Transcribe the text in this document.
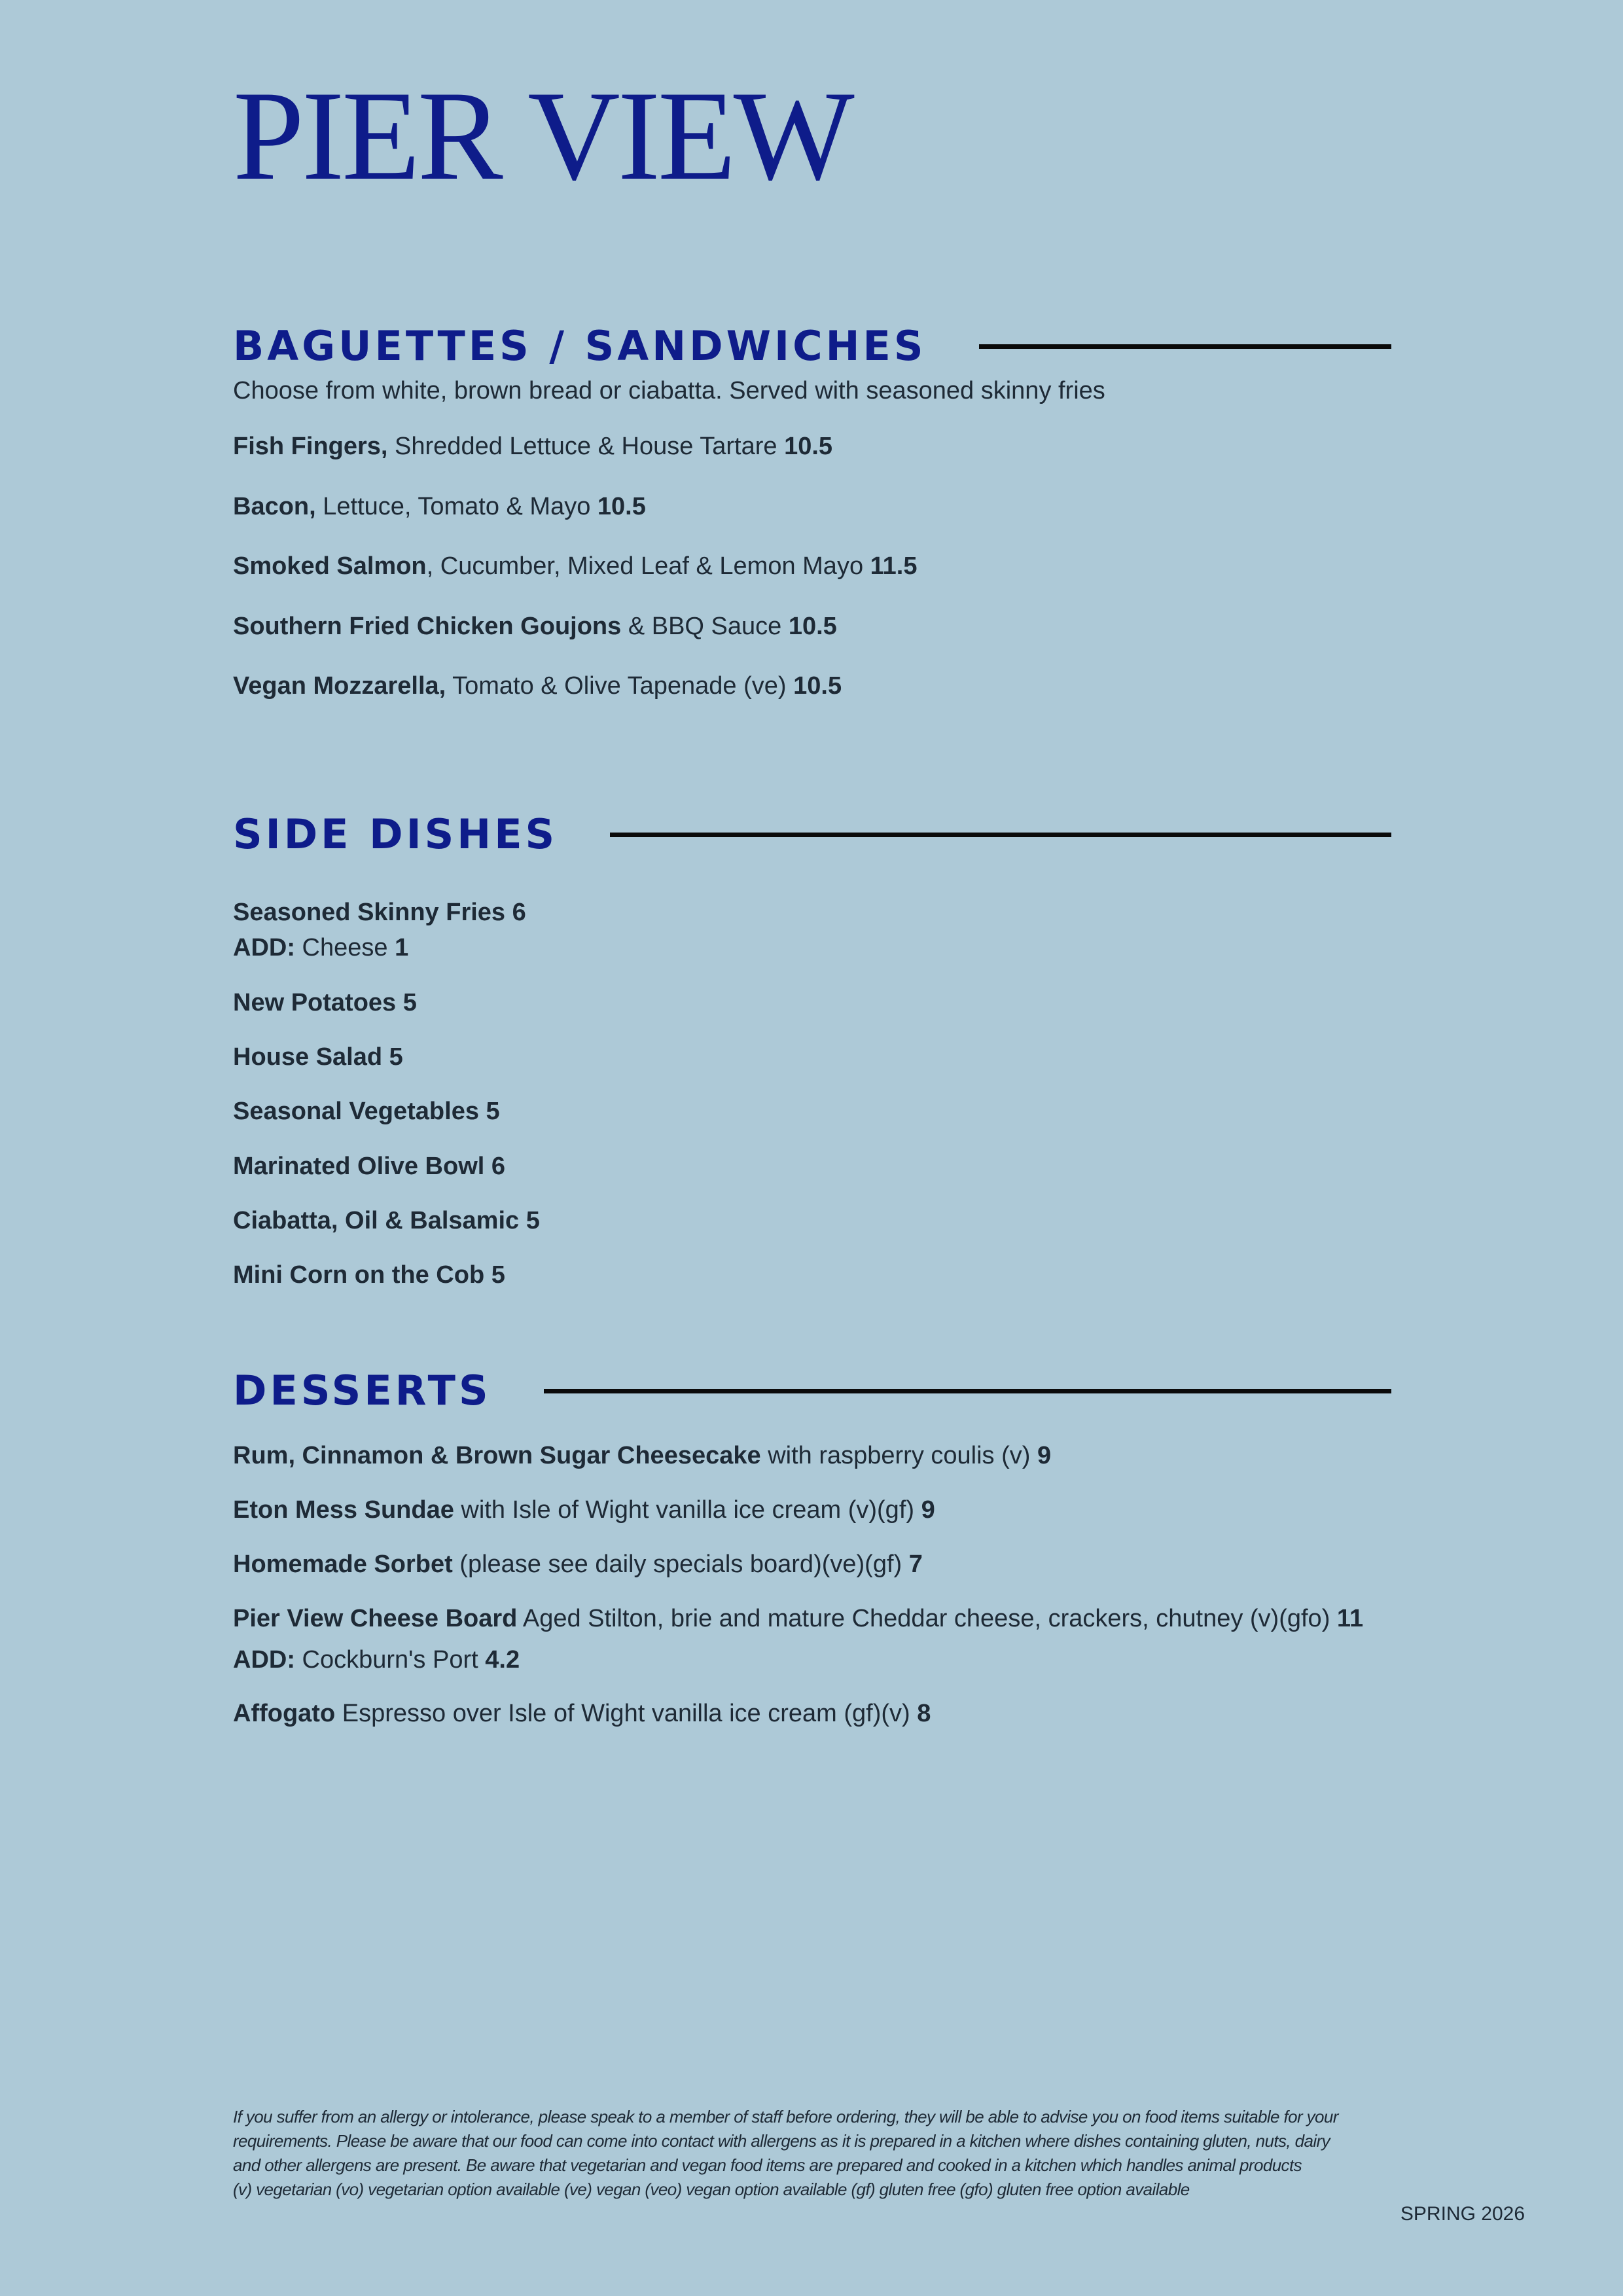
PIER VIEW
BAGUETTES / SANDWICHES
Choose from white, brown bread or ciabatta. Served with seasoned skinny fries
Fish Fingers, Shredded Lettuce & House Tartare 10.5
Bacon, Lettuce, Tomato & Mayo 10.5
Smoked Salmon, Cucumber, Mixed Leaf & Lemon Mayo 11.5
Southern Fried Chicken Goujons & BBQ Sauce 10.5
Vegan Mozzarella, Tomato & Olive Tapenade (ve) 10.5
SIDE DISHES
Seasoned Skinny Fries 6
ADD: Cheese 1
New Potatoes 5
House Salad 5
Seasonal Vegetables 5
Marinated Olive Bowl 6
Ciabatta, Oil & Balsamic 5
Mini Corn on the Cob 5
DESSERTS
Rum, Cinnamon & Brown Sugar Cheesecake with raspberry coulis (v) 9
Eton Mess Sundae with Isle of Wight vanilla ice cream (v)(gf) 9
Homemade Sorbet (please see daily specials board)(ve)(gf) 7
Pier View Cheese Board Aged Stilton, brie and mature Cheddar cheese, crackers, chutney (v)(gfo) 11
ADD: Cockburn's Port 4.2
Affogato Espresso over Isle of Wight vanilla ice cream (gf)(v) 8
If you suffer from an allergy or intolerance, please speak to a member of staff before ordering, they will be able to advise you on food items suitable for your
requirements. Please be aware that our food can come into contact with allergens as it is prepared in a kitchen where dishes containing gluten, nuts, dairy
and other allergens are present. Be aware that vegetarian and vegan food items are prepared and cooked in a kitchen which handles animal products
(v) vegetarian (vo) vegetarian option available (ve) vegan (veo) vegan option available (gf) gluten free (gfo) gluten free option available
SPRING 2026
